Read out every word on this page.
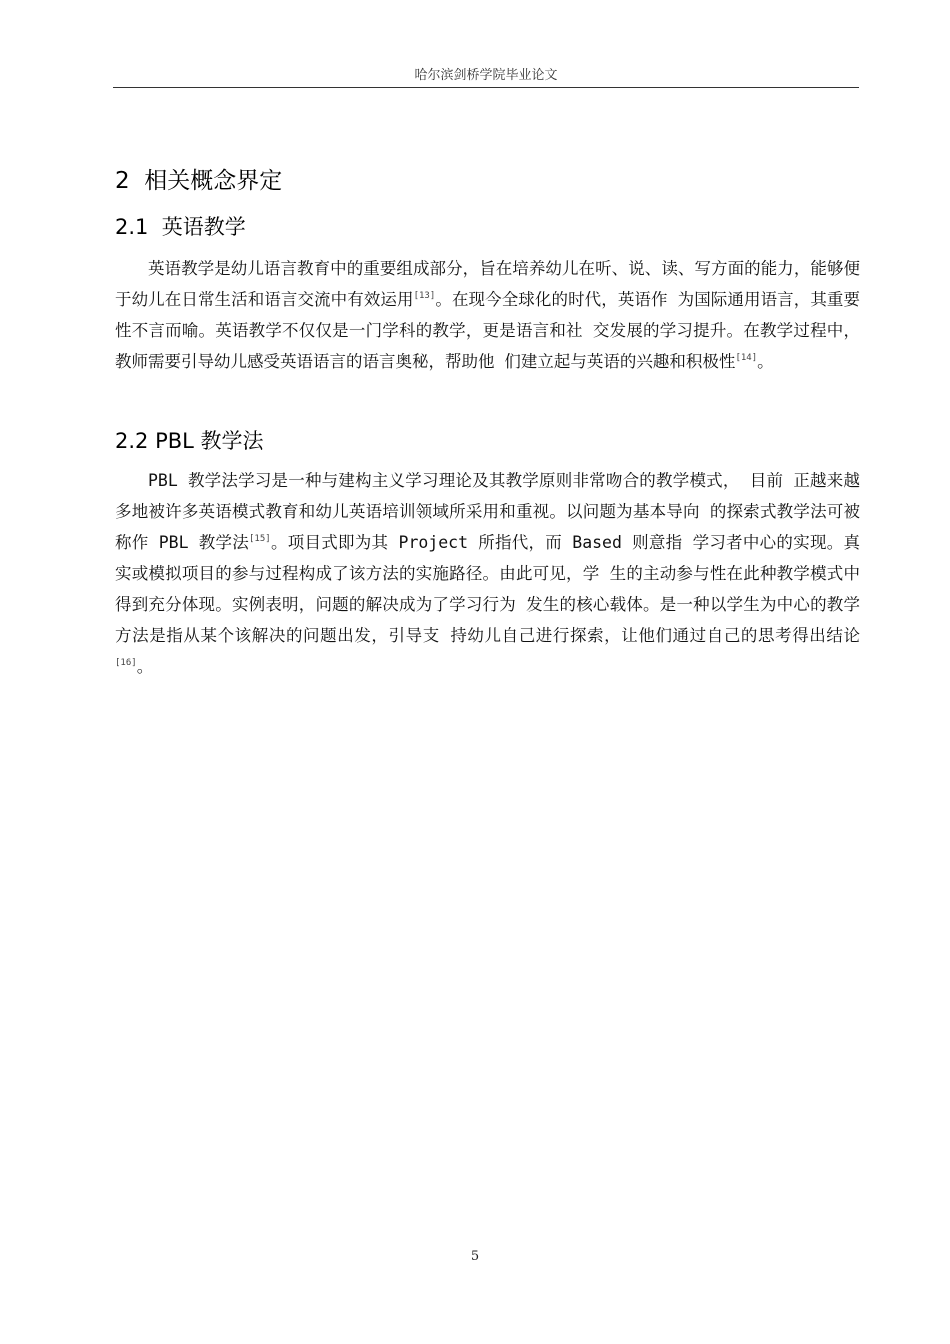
哈尔滨剑桥学院毕业论文
2 相关概念界定
2.1 英语教学
英语教学是幼儿语言教育中的重要组成部分，旨在培养幼儿在听、说、读、写方面的能力，能够便于幼儿在日常生活和语言交流中有效运用[13]。在现今全球化的时代，英语作 为国际通用语言，其重要性不言而喻。英语教学不仅仅是一门学科的教学，更是语言和社 交发展的学习提升。在教学过程中，教师需要引导幼儿感受英语语言的语言奥秘，帮助他 们建立起与英语的兴趣和积极性[14]。
2.2 PBL 教学法
PBL 教学法学习是一种与建构主义学习理论及其教学原则非常吻合的教学模式， 目前 正越来越多地被许多英语模式教育和幼儿英语培训领域所采用和重视。以问题为基本导向 的探索式教学法可被称作 PBL 教学法[15]。项目式即为其 Project 所指代，而 Based 则意指 学习者中心的实现。真实或模拟项目的参与过程构成了该方法的实施路径。由此可见，学 生的主动参与性在此种教学模式中得到充分体现。实例表明，问题的解决成为了学习行为 发生的核心载体。是一种以学生为中心的教学方法是指从某个该解决的问题出发，引导支 持幼儿自己进行探索，让他们通过自己的思考得出结论[16]。
5
